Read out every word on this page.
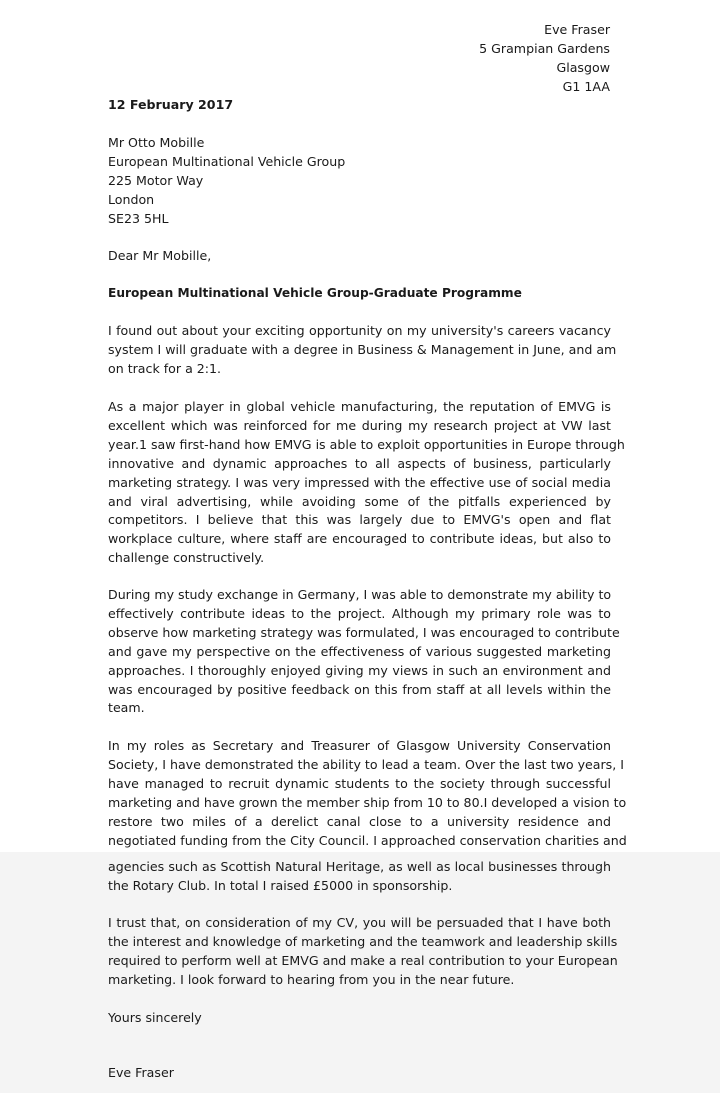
Eve Fraser
5 Grampian Gardens
Glasgow
G1 1AA
12 February 2017
Mr Otto Mobille
European Multinational Vehicle Group
225 Motor Way
London
SE23 5HL
Dear Mr Mobille,
European Multinational Vehicle Group-Graduate Programme
I found out about your exciting opportunity on my university's careers vacancy
system I will graduate with a degree in Business & Management in June, and am
on track for a 2:1.
As a major player in global vehicle manufacturing, the reputation of EMVG is
excellent which was reinforced for me during my research project at VW last
year.1 saw first-hand how EMVG is able to exploit opportunities in Europe through
innovative and dynamic approaches to all aspects of business, particularly
marketing strategy. I was very impressed with the effective use of social media
and viral advertising, while avoiding some of the pitfalls experienced by
competitors. I believe that this was largely due to EMVG's open and flat
workplace culture, where staff are encouraged to contribute ideas, but also to
challenge constructively.
During my study exchange in Germany, I was able to demonstrate my ability to
effectively contribute ideas to the project. Although my primary role was to
observe how marketing strategy was formulated, I was encouraged to contribute
and gave my perspective on the effectiveness of various suggested marketing
approaches. I thoroughly enjoyed giving my views in such an environment and
was encouraged by positive feedback on this from staff at all levels within the
team.
In my roles as Secretary and Treasurer of Glasgow University Conservation
Society, I have demonstrated the ability to lead a team. Over the last two years, I
have managed to recruit dynamic students to the society through successful
marketing and have grown the member ship from 10 to 80.I developed a vision to
restore two miles of a derelict canal close to a university residence and
negotiated funding from the City Council. I approached conservation charities and
agencies such as Scottish Natural Heritage, as well as local businesses through
the Rotary Club. In total I raised £5000 in sponsorship.
I trust that, on consideration of my CV, you will be persuaded that I have both
the interest and knowledge of marketing and the teamwork and leadership skills
required to perform well at EMVG and make a real contribution to your European
marketing. I look forward to hearing from you in the near future.
Yours sincerely
Eve Fraser
